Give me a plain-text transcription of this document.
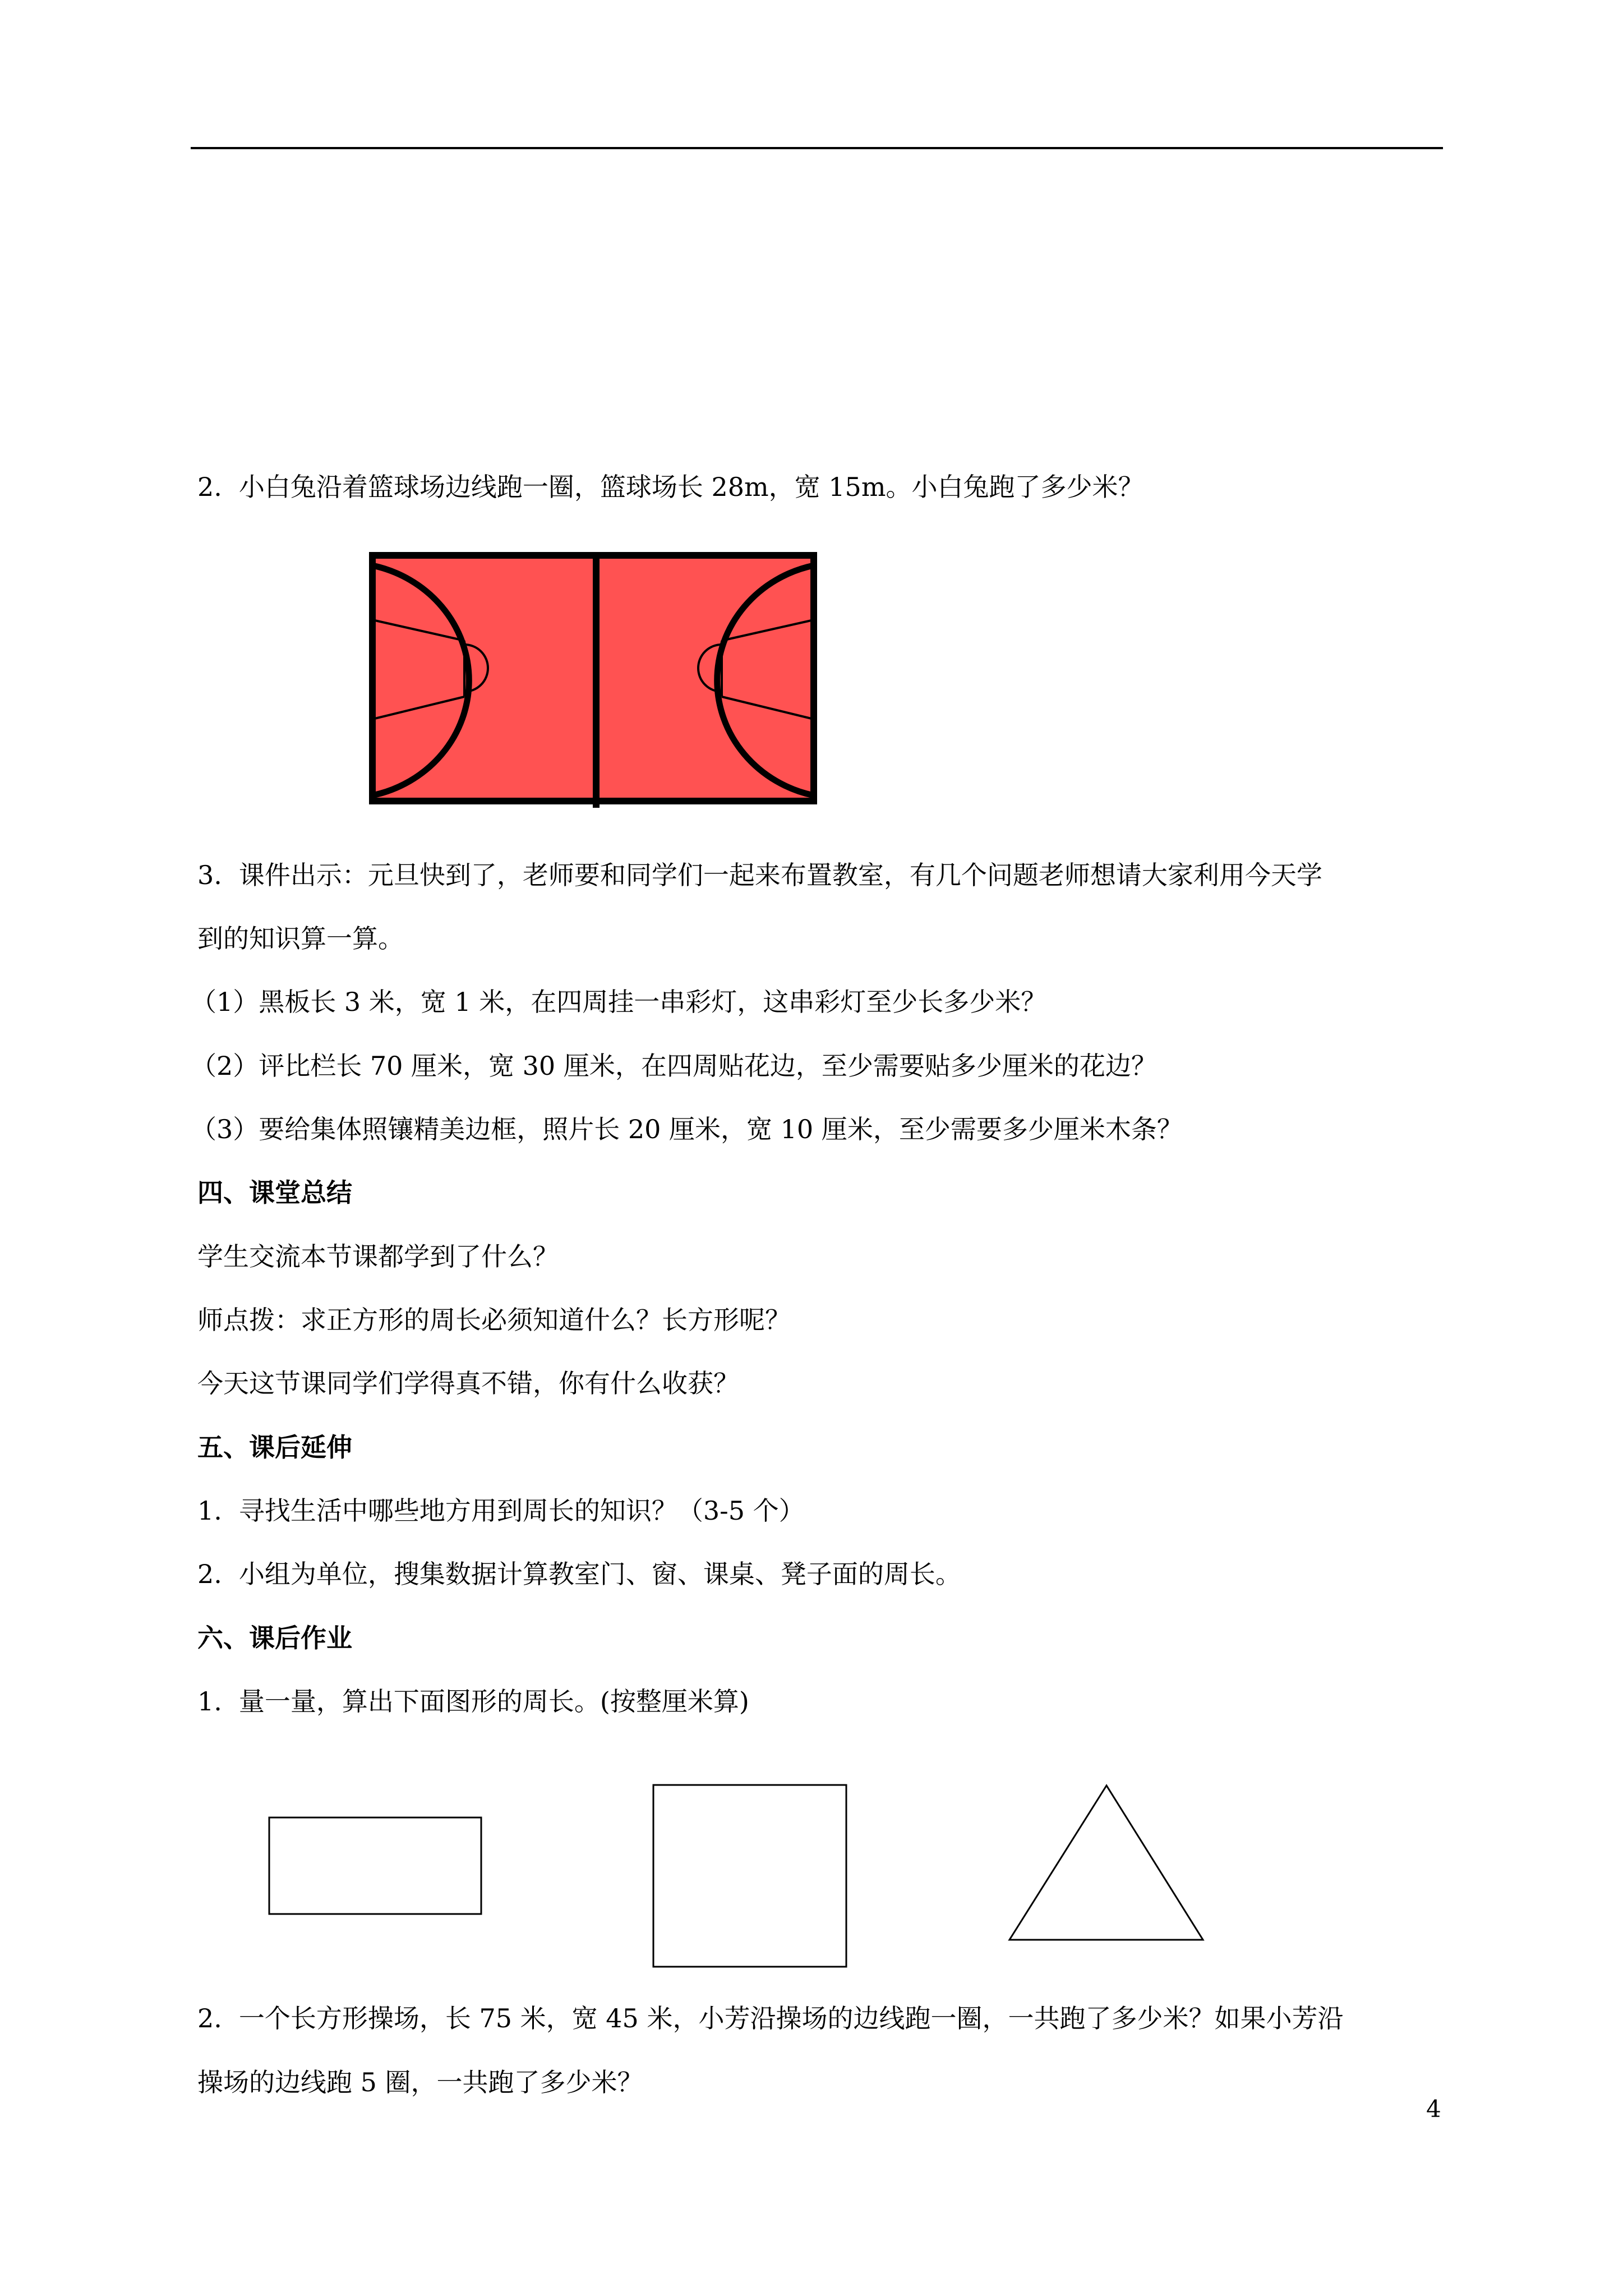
2. 小白兔沿着篮球场边线跑一圈，篮球场长 28m，宽 15m。小白兔跑了多少米？
3. 课件出示：元旦快到了，老师要和同学们一起来布置教室，有几个问题老师想请大家利用今天学
到的知识算一算。
（1）黑板长 3 米，宽 1 米，在四周挂一串彩灯，这串彩灯至少长多少米？
（2）评比栏长 70 厘米，宽 30 厘米，在四周贴花边，至少需要贴多少厘米的花边？
（3）要给集体照镶精美边框，照片长 20 厘米，宽 10 厘米，至少需要多少厘米木条？
四、课堂总结
学生交流本节课都学到了什么？
师点拨：求正方形的周长必须知道什么？长方形呢？
今天这节课同学们学得真不错，你有什么收获？
五、课后延伸
1. 寻找生活中哪些地方用到周长的知识？（3-5 个）
2. 小组为单位，搜集数据计算教室门、窗、课桌、凳子面的周长。
六、课后作业
1. 量一量，算出下面图形的周长。(按整厘米算)
2. 一个长方形操场，长 75 米，宽 45 米，小芳沿操场的边线跑一圈，一共跑了多少米？如果小芳沿
操场的边线跑 5 圈，一共跑了多少米？
4
